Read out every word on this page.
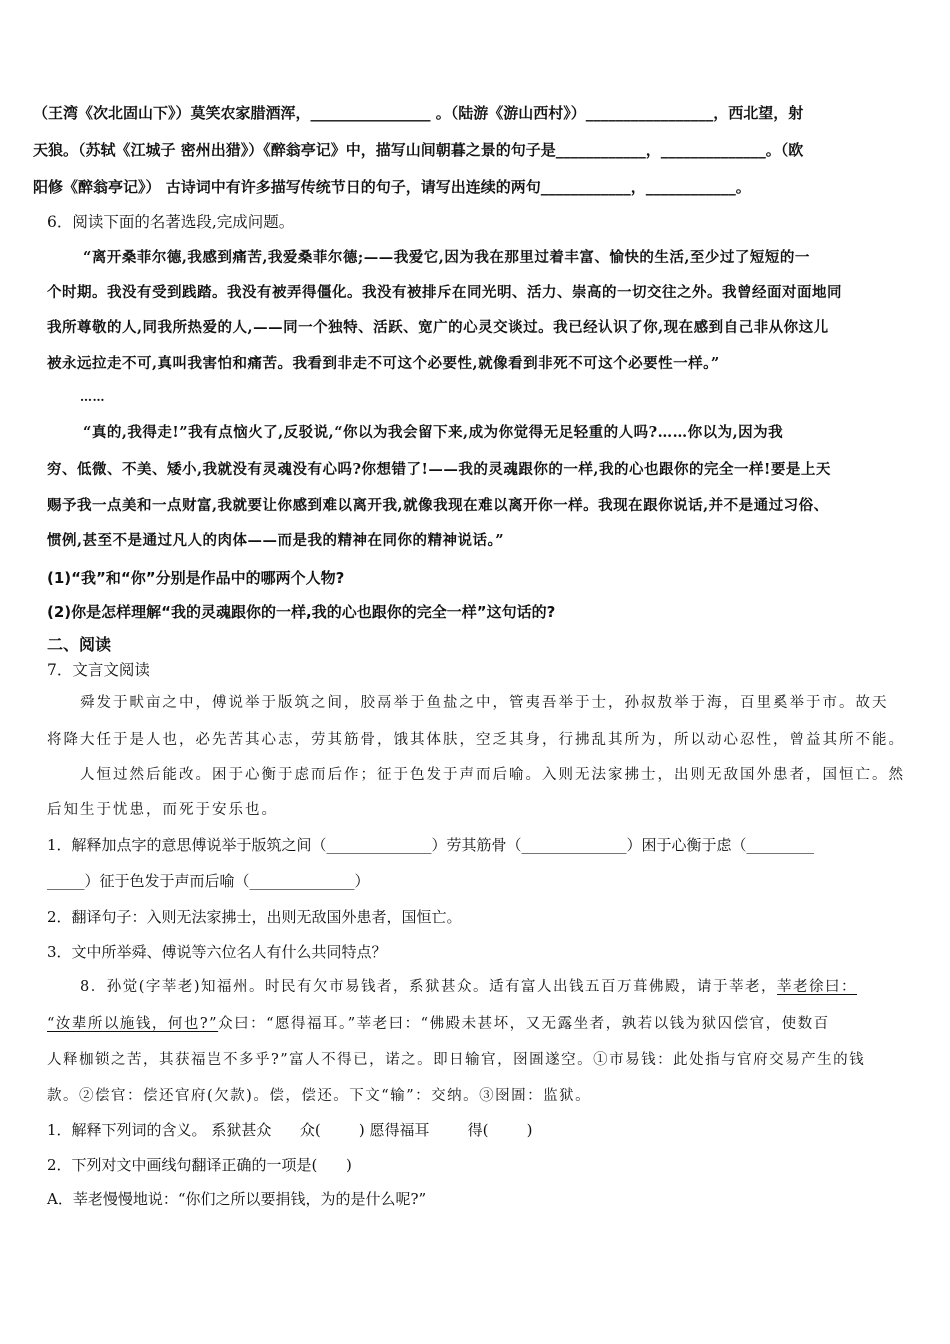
（王湾《次北固山下》）莫笑农家腊酒浑，________________ 。（陆游《游山西村》）_________________，西北望，射
天狼。（苏轼《江城子 密州出猎》）《醉翁亭记》中，描写山间朝暮之景的句子是____________，______________。（欧
阳修《醉翁亭记》） 古诗词中有许多描写传统节日的句子，请写出连续的两句____________，____________。
6．阅读下面的名著选段,完成问题。
“离开桑菲尔德,我感到痛苦,我爱桑菲尔德;——我爱它,因为我在那里过着丰富、愉快的生活,至少过了短短的一
个时期。我没有受到践踏。我没有被弄得僵化。我没有被排斥在同光明、活力、崇高的一切交往之外。我曾经面对面地同
我所尊敬的人,同我所热爱的人,——同一个独特、活跃、宽广的心灵交谈过。我已经认识了你,现在感到自己非从你这儿
被永远拉走不可,真叫我害怕和痛苦。我看到非走不可这个必要性,就像看到非死不可这个必要性一样。”
……
“真的,我得走!”我有点恼火了,反驳说,“你以为我会留下来,成为你觉得无足轻重的人吗?……你以为,因为我
穷、低微、不美、矮小,我就没有灵魂没有心吗?你想错了!——我的灵魂跟你的一样,我的心也跟你的完全一样!要是上天
赐予我一点美和一点财富,我就要让你感到难以离开我,就像我现在难以离开你一样。我现在跟你说话,并不是通过习俗、
惯例,甚至不是通过凡人的肉体——而是我的精神在同你的精神说话。”
(1)“我”和“你”分别是作品中的哪两个人物?
(2)你是怎样理解“我的灵魂跟你的一样,我的心也跟你的完全一样”这句话的?
二、阅读
7．文言文阅读
舜发于畎亩之中，傅说举于版筑之间，胶鬲举于鱼盐之中，管夷吾举于士，孙叔敖举于海，百里奚举于市。故天
将降大任于是人也，必先苦其心志，劳其筋骨，饿其体肤，空乏其身，行拂乱其所为，所以动心忍性，曾益其所不能。
人恒过然后能改。困于心衡于虑而后作；征于色发于声而后喻。入则无法家拂士，出则无敌国外患者，国恒亡。然
后知生于忧患，而死于安乐也。
1．解释加点字的意思傅说举于版筑之间（______________）劳其筋骨（______________）困于心衡于虑（_________
_____）征于色发于声而后喻（______________）
2．翻译句子：入则无法家拂士，出则无敌国外患者，国恒亡。
3．文中所举舜、傅说等六位名人有什么共同特点？
8．孙觉(字莘老)知福州。时民有欠市易钱者，系狱甚众。适有富人出钱五百万葺佛殿，请于莘老，莘老徐曰：
“汝辈所以施钱，何也?”众曰：“愿得福耳。”莘老曰：“佛殿未甚坏，又无露坐者，孰若以钱为狱囚偿官，使数百
人释枷锁之苦，其获福岂不多乎?”富人不得已，诺之。即日输官，囹圄遂空。①市易钱：此处指与官府交易产生的钱
款。②偿官：偿还官府(欠款)。偿，偿还。下文“输”：交纳。③囹圄：监狱。
1．解释下列词的含义。 系狱甚众      众(        ) 愿得福耳        得(        )
2．下列对文中画线句翻译正确的一项是(      )
A．莘老慢慢地说：“你们之所以要捐钱，为的是什么呢?”
